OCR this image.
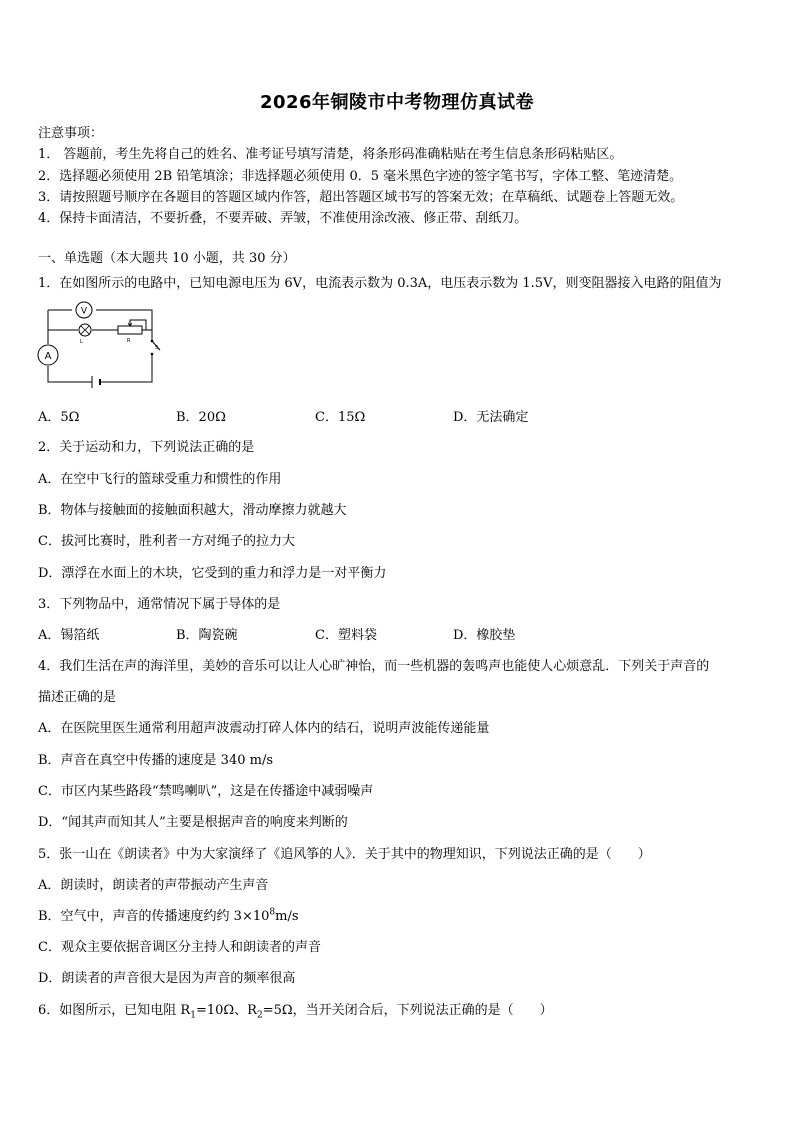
2026年铜陵市中考物理仿真试卷
注意事项：
1． 答题前，考生先将自己的姓名、准考证号填写清楚，将条形码准确粘贴在考生信息条形码粘贴区。
2．选择题必须使用 2B 铅笔填涂；非选择题必须使用 0．5 毫米黑色字迹的签字笔书写，字体工整、笔迹清楚。
3．请按照题号顺序在各题目的答题区域内作答，超出答题区域书写的答案无效；在草稿纸、试题卷上答题无效。
4．保持卡面清洁，不要折叠，不要弄破、弄皱，不准使用涂改液、修正带、刮纸刀。
一、单选题（本大题共 10 小题，共 30 分）
1．在如图所示的电路中，已知电源电压为 6V，电流表示数为 0.3A，电压表示数为 1.5V，则变阻器接入电路的阻值为
V
A
L	R
S
A．5Ω	B．20Ω	C．15Ω	D．无法确定
2．关于运动和力，下列说法正确的是
A．在空中飞行的篮球受重力和惯性的作用
B．物体与接触面的接触面积越大，滑动摩擦力就越大
C．拔河比赛时，胜利者一方对绳子的拉力大
D．漂浮在水面上的木块，它受到的重力和浮力是一对平衡力
3．下列物品中，通常情况下属于导体的是
A．锡箔纸	B．陶瓷碗	C．塑料袋	D．橡胶垫
4．我们生活在声的海洋里，美妙的音乐可以让人心旷神怡，而一些机器的轰鸣声也能使人心烦意乱．下列关于声音的
描述正确的是
A．在医院里医生通常利用超声波震动打碎人体内的结石，说明声波能传递能量
B．声音在真空中传播的速度是 340 m/s
C．市区内某些路段“禁鸣喇叭”，这是在传播途中减弱噪声
D．“闻其声而知其人”主要是根据声音的响度来判断的
5．张一山在《朗读者》中为大家演绎了《追风筝的人》．关于其中的物理知识，下列说法正确的是（　　）
A．朗读时，朗读者的声带振动产生声音
B．空气中，声音的传播速度约约 $3\times 10^8m/s$
C．观众主要依据音调区分主持人和朗读者的声音
D．朗读者的声音很大是因为声音的频率很高
6．如图所示，已知电阻 $R_1=10\Omega$、$R_2=5\Omega$，当开关闭合后，下列说法正确的是（　　）
